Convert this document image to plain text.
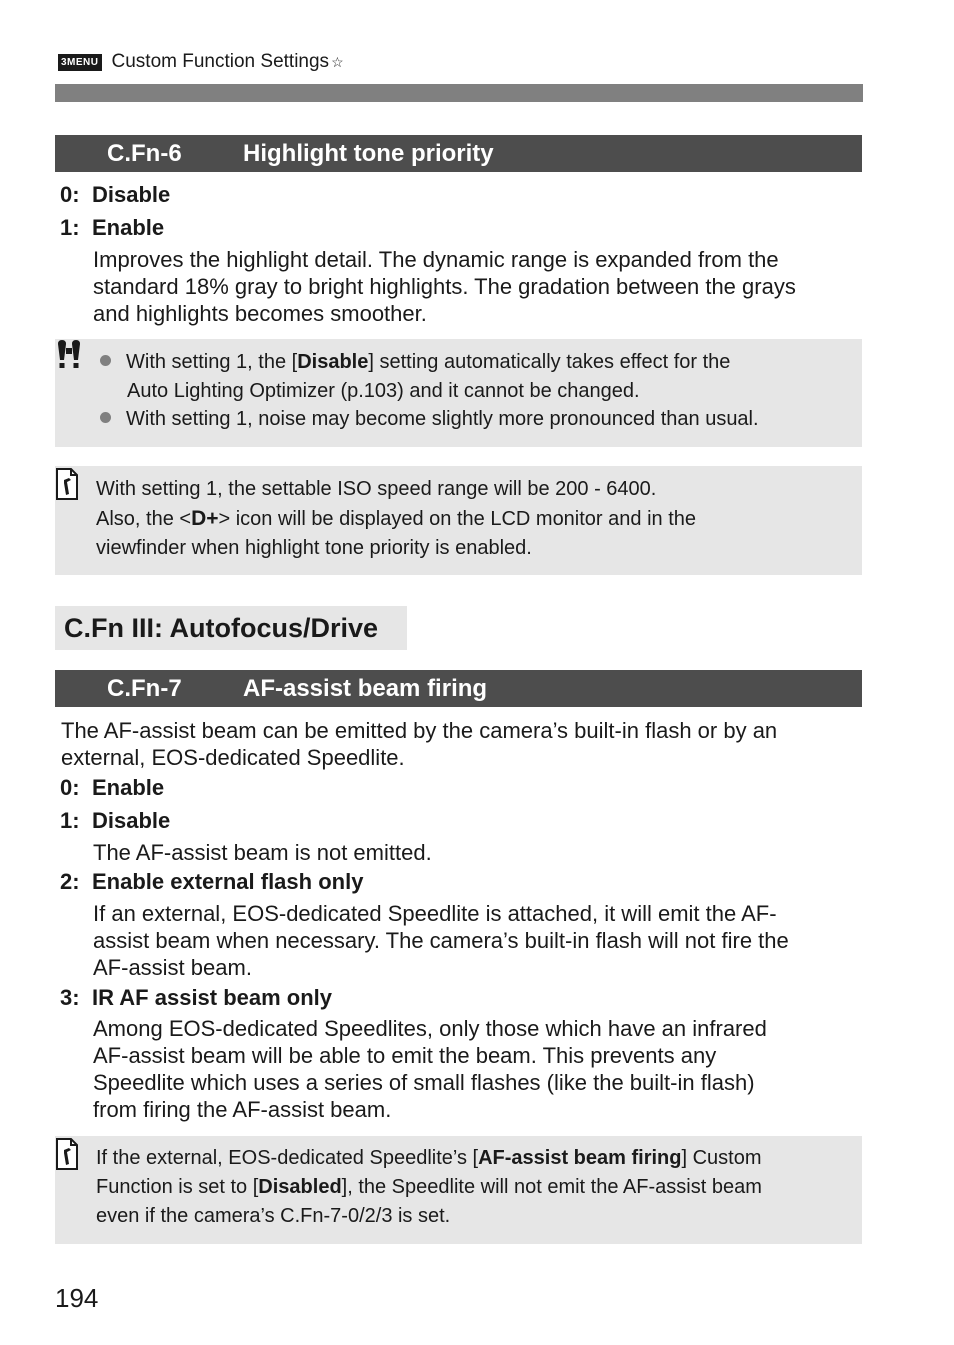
3MENU Custom Function Settings ☆
C.Fn-6	Highlight tone priority
0: Disable
1: Enable
Improves the highlight detail. The dynamic range is expanded from the
standard 18% gray to bright highlights. The gradation between the grays
and highlights becomes smoother.
With setting 1, the [Disable] setting automatically takes effect for the
Auto Lighting Optimizer (p.103) and it cannot be changed.
With setting 1, noise may become slightly more pronounced than usual.
With setting 1, the settable ISO speed range will be 200 - 6400.
Also, the <D+> icon will be displayed on the LCD monitor and in the
viewfinder when highlight tone priority is enabled.
C.Fn III: Autofocus/Drive
C.Fn-7	AF-assist beam firing
The AF-assist beam can be emitted by the camera’s built-in flash or by an
external, EOS-dedicated Speedlite.
0: Enable
1: Disable
The AF-assist beam is not emitted.
2: Enable external flash only
If an external, EOS-dedicated Speedlite is attached, it will emit the AF-
assist beam when necessary. The camera’s built-in flash will not fire the
AF-assist beam.
3: IR AF assist beam only
Among EOS-dedicated Speedlites, only those which have an infrared
AF-assist beam will be able to emit the beam. This prevents any
Speedlite which uses a series of small flashes (like the built-in flash)
from firing the AF-assist beam.
If the external, EOS-dedicated Speedlite’s [AF-assist beam firing] Custom
Function is set to [Disabled], the Speedlite will not emit the AF-assist beam
even if the camera’s C.Fn-7-0/2/3 is set.
194
